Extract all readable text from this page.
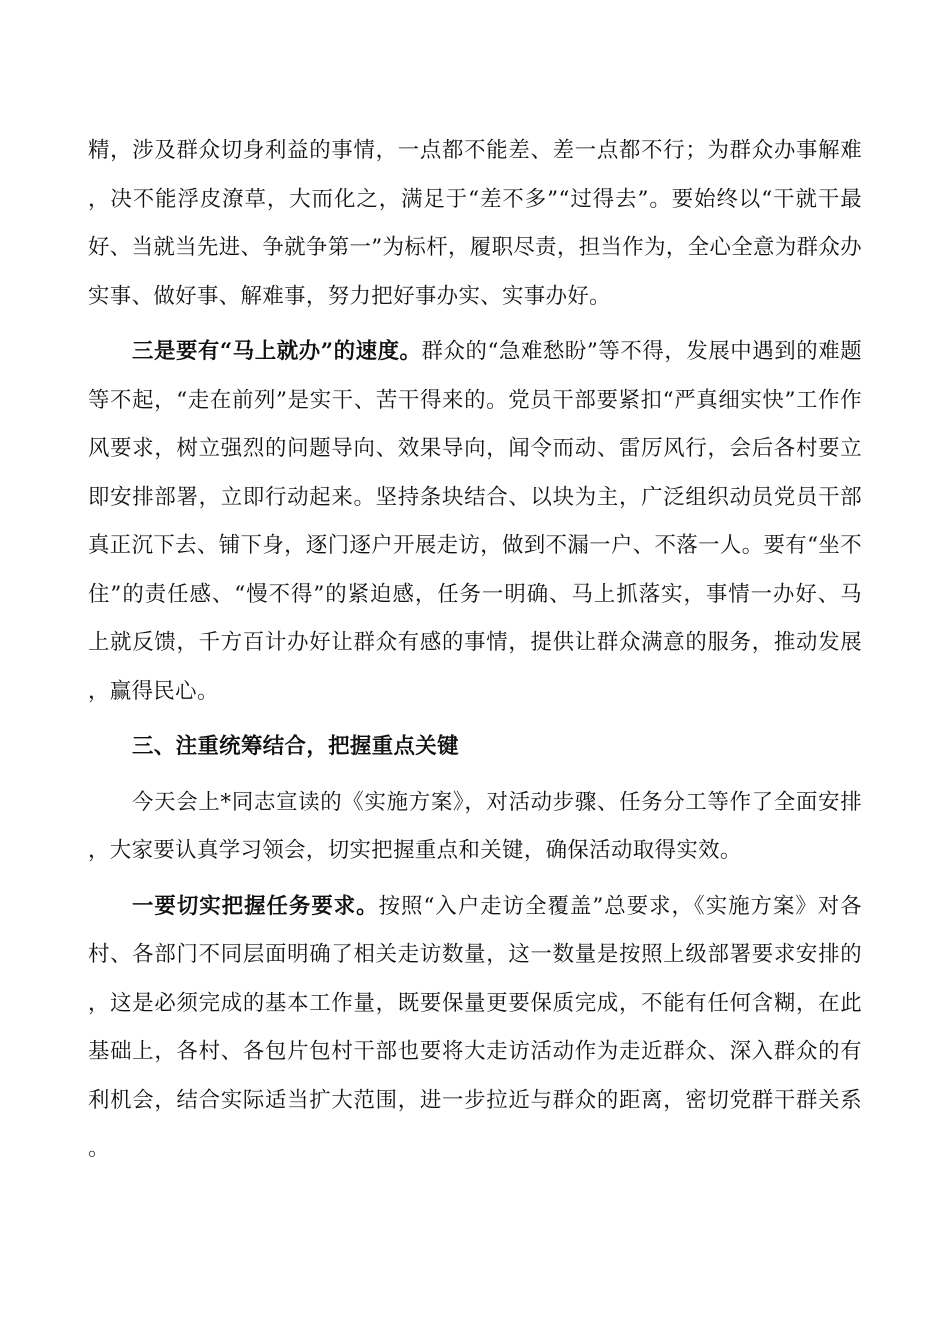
精，涉及群众切身利益的事情，一点都不能差、差一点都不行；为群众办事解难，决不能浮皮潦草，大而化之，满足于“差不多”“过得去”。要始终以“干就干最好、当就当先进、争就争第一”为标杆，履职尽责，担当作为，全心全意为群众办实事、做好事、解难事，努力把好事办实、实事办好。

三是要有“马上就办”的速度。群众的“急难愁盼”等不得，发展中遇到的难题等不起，“走在前列”是实干、苦干得来的。党员干部要紧扣“严真细实快”工作作风要求，树立强烈的问题导向、效果导向，闻令而动、雷厉风行，会后各村要立即安排部署，立即行动起来。坚持条块结合、以块为主，广泛组织动员党员干部真正沉下去、铺下身，逐门逐户开展走访，做到不漏一户、不落一人。要有“坐不住”的责任感、“慢不得”的紧迫感，任务一明确、马上抓落实，事情一办好、马上就反馈，千方百计办好让群众有感的事情，提供让群众满意的服务，推动发展，赢得民心。

三、注重统筹结合，把握重点关键

今天会上*同志宣读的《实施方案》，对活动步骤、任务分工等作了全面安排，大家要认真学习领会，切实把握重点和关键，确保活动取得实效。

一要切实把握任务要求。按照“入户走访全覆盖”总要求，《实施方案》对各村、各部门不同层面明确了相关走访数量，这一数量是按照上级部署要求安排的，这是必须完成的基本工作量，既要保量更要保质完成，不能有任何含糊，在此基础上，各村、各包片包村干部也要将大走访活动作为走近群众、深入群众的有利机会，结合实际适当扩大范围，进一步拉近与群众的距离，密切党群干群关系。
